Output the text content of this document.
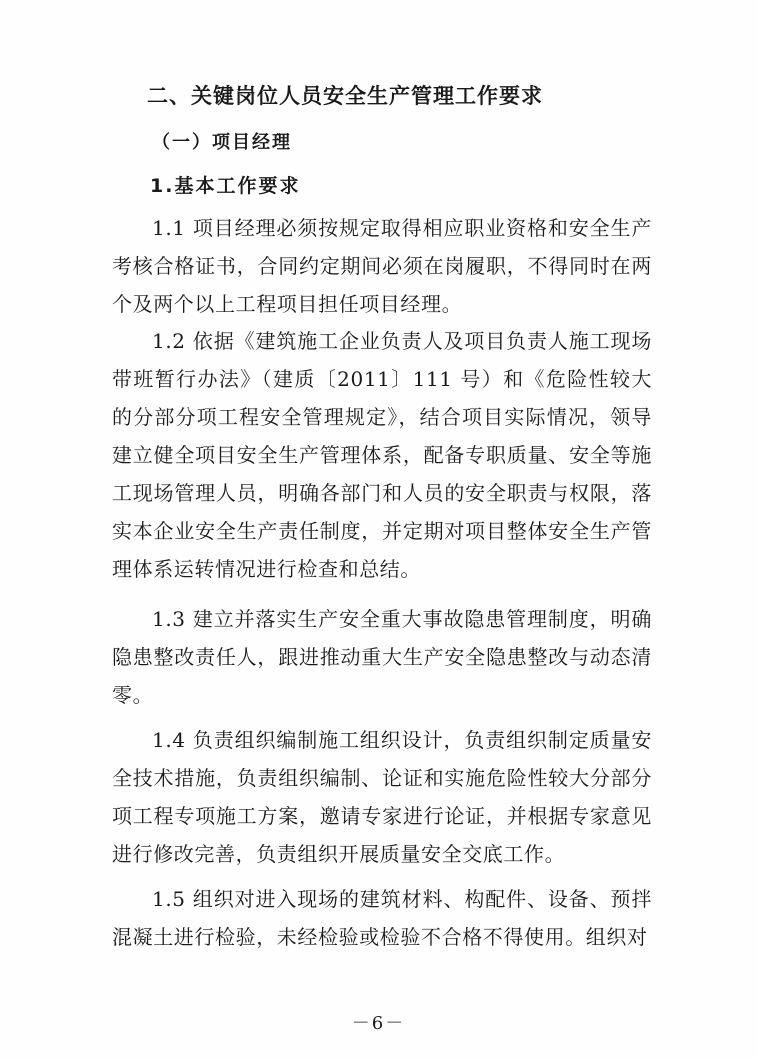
二、关键岗位人员安全生产管理工作要求
（一）项目经理
1.基本工作要求

1.1 项目经理必须按规定取得相应职业资格和安全生产考核合格证书，合同约定期间必须在岗履职，不得同时在两个及两个以上工程项目担任项目经理。

1.2 依据《建筑施工企业负责人及项目负责人施工现场带班暂行办法》（建质〔2011〕111 号）和《危险性较大的分部分项工程安全管理规定》，结合项目实际情况，领导建立健全项目安全生产管理体系，配备专职质量、安全等施工现场管理人员，明确各部门和人员的安全职责与权限，落实本企业安全生产责任制度，并定期对项目整体安全生产管理体系运转情况进行检查和总结。

1.3 建立并落实生产安全重大事故隐患管理制度，明确隐患整改责任人，跟进推动重大生产安全隐患整改与动态清零。

1.4 负责组织编制施工组织设计，负责组织制定质量安全技术措施，负责组织编制、论证和实施危险性较大分部分项工程专项施工方案，邀请专家进行论证，并根据专家意见进行修改完善，负责组织开展质量安全交底工作。

1.5 组织对进入现场的建筑材料、构配件、设备、预拌混凝土进行检验，未经检验或检验不合格不得使用。组织对

－6－
